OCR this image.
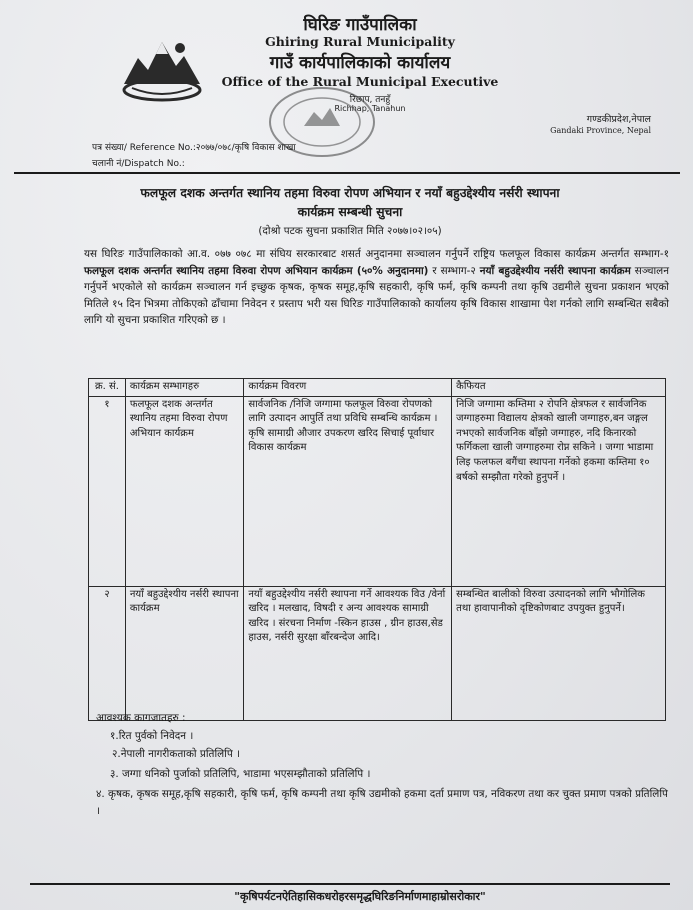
घिरिङ गाउँपालिका
Ghiring Rural Municipality
गाउँ कार्यपालिकाको कार्यालय
Office of the Rural Municipal Executive
रिछाप, तनहुँ
Richhap, Tanahun
गण्डकीप्रदेश,नेपाल
Gandaki Province, Nepal
पत्र संख्या/ Reference No.:२०७७/०७८/कृषि विकास शाखा
चलानी नं/Dispatch No.:
फलफूल दशक अन्तर्गत स्थानिय तहमा विरुवा रोपण अभियान र नयाँ बहुउद्देश्यीय नर्सरी स्थापना
कार्यक्रम सम्बन्धी सुचना
(दोश्रो पटक सुचना प्रकाशित मिति २०७७।०२।०५)
यस घिरिङ गाउँपालिकाको आ.व. ०७७ ०७८ मा संघिय सरकारबाट शसर्त अनुदानमा सञ्चालन गर्नुपर्ने राष्ट्रिय फलफूल विकास कार्यक्रम अन्तर्गत सम्भाग-१ फलफूल दशक अन्तर्गत स्थानिय तहमा विरुवा रोपण अभियान कार्यक्रम (५०% अनुदानमा) र सम्भाग-२ नयाँ बहुउद्देश्यीय नर्सरी स्थापना कार्यक्रम सञ्चालन गर्नुपर्ने भएकोले सो कार्यक्रम सञ्चालन गर्न इच्छुक कृषक, कृषक समूह,कृषि सहकारी, कृषि फर्म, कृषि कम्पनी तथा कृषि उद्यमीले सुचना प्रकाशन भएको मितिले १५ दिन भित्रमा तोकिएको ढाँचामा निवेदन र प्रस्ताप भरी यस घिरिङ गाउँपालिकाको कार्यालय कृषि विकास शाखामा पेश गर्नको लागि सम्बन्धित सबैको लागि यो सुचना प्रकाशित गरिएको छ ।
क्र. सं.	कार्यक्रम सम्भागहरु	कार्यक्रम विवरण	कैफियत
१	फलफूल दशक अन्तर्गत स्थानिय तहमा विरुवा रोपण अभियान कार्यक्रम	सार्वजनिक /निजि जग्गामा फलफूल विरुवा रोपणको लागि उत्पादन आपुर्ति तथा प्रविधि सम्बन्धि कार्यक्रम । कृषि सामाग्री औजार उपकरण खरिद सिचाई पूर्वाधार विकास कार्यक्रम	निजि जग्गामा कम्तिमा २ रोपनि क्षेत्रफल र सार्वजनिक जग्गाहरुमा विद्यालय क्षेत्रको खाली जग्गाहरु,बन जङ्गल नभएको सार्वजनिक बाँझो जग्गाहरु, नदि किनारको फर्गिकला खाली जग्गाहरुमा रोप्न सकिने । जग्गा भाडामा लिइ फलफल बगैंचा स्थापना गर्नेको हकमा कम्तिमा १० बर्षको सम्झौता गरेको हुनुपर्ने ।
२	नयाँ बहुउद्देश्यीय नर्सरी स्थापना कार्यक्रम	नयाँ बहुउद्देश्यीय नर्सरी स्थापना गर्ने आवश्यक विउ /वेर्ना खरिद । मलखाद, विषदी र अन्य आवश्यक सामाग्री खरिद । संरचना निर्माण -स्किन हाउस , ग्रीन हाउस,सेड हाउस, नर्सरी सुरक्षा बाँरबन्देज आदि।	सम्बन्धित बालीको विरुवा उत्पादनको लागि भौगोलिक तथा हावापानीको दृष्टिकोणबाट उपयुक्त हुनुपर्ने।
आवश्यक कागजातहरु :
१.रित पुर्वको निवेदन ।
२.नेपाली नागरीकताको प्रतिलिपि ।
३. जग्गा धनिको पुर्जाको प्रतिलिपि, भाडामा भएसम्झौताको प्रतिलिपि ।
४. कृषक, कृषक समूह,कृषि सहकारी, कृषि फर्म, कृषि कम्पनी तथा कृषि उद्यमीको हकमा दर्ता प्रमाण पत्र, नविकरण तथा कर चुक्त प्रमाण पत्रको प्रतिलिपि ।
"कृषिपर्यटनऐतिहासिकधरोहरसमृद्धघिरिङनिर्माणमाहाम्रोसरोकार"
